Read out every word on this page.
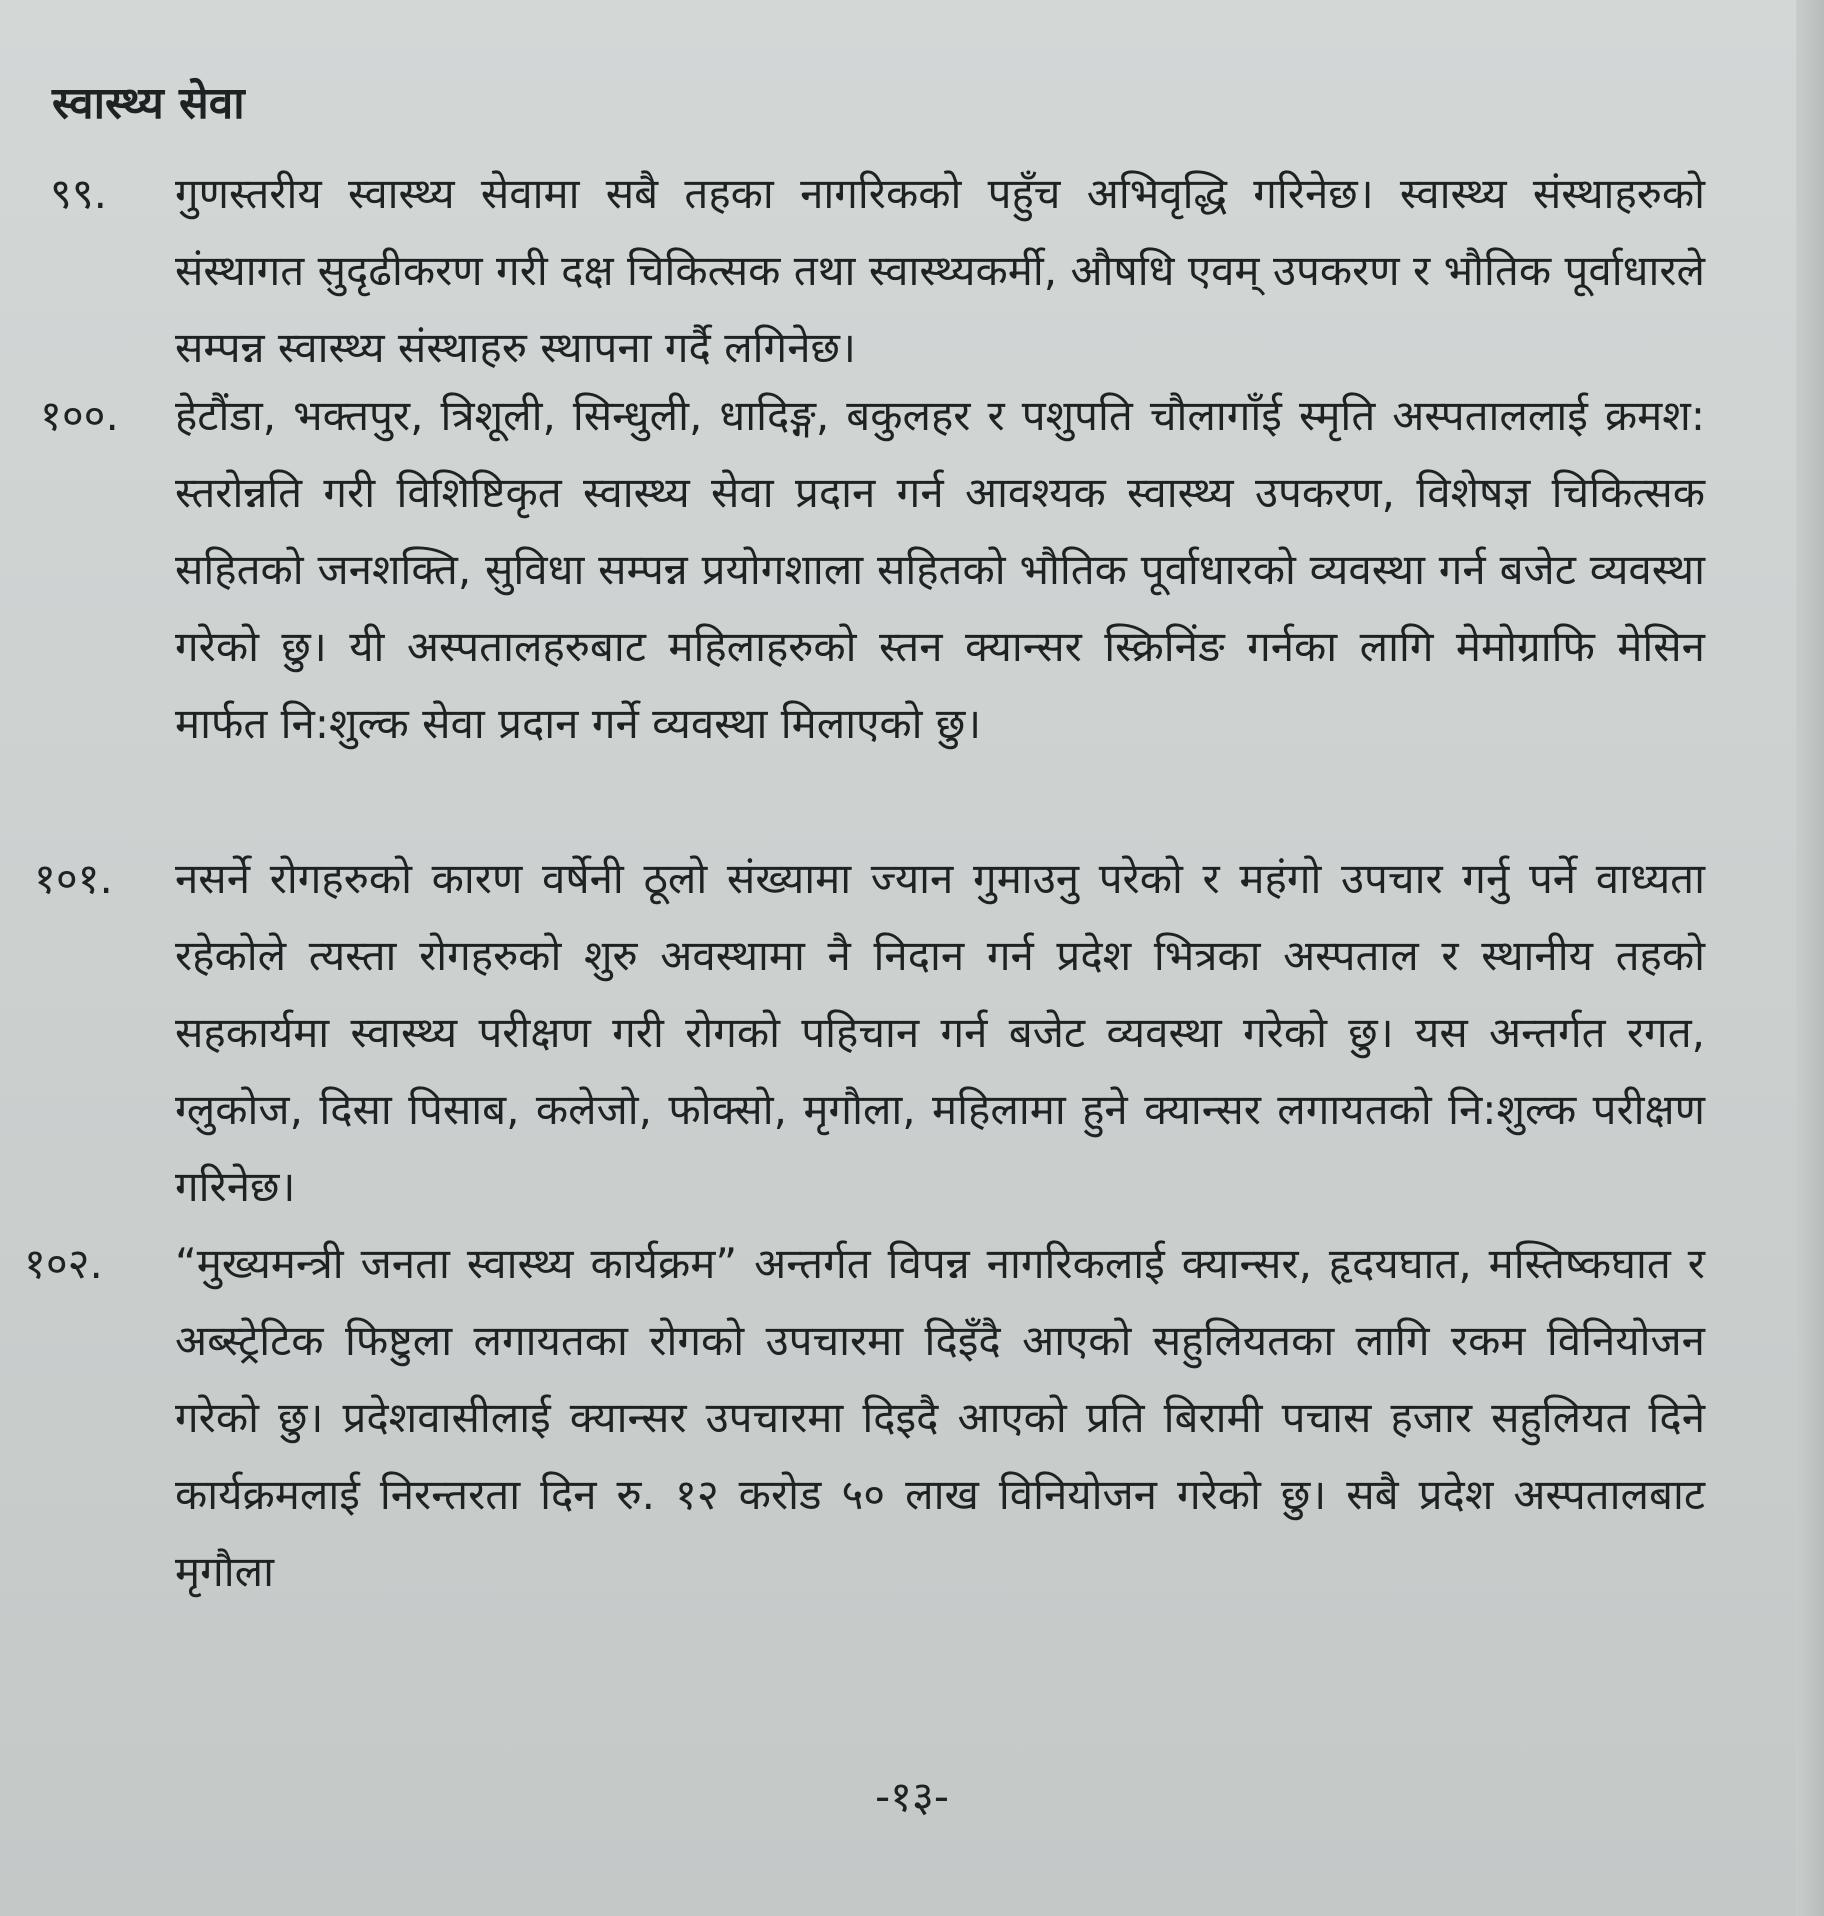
स्वास्थ्य सेवा
९९. गुणस्तरीय स्वास्थ्य सेवामा सबै तहका नागरिकको पहुँच अभिवृद्धि गरिनेछ। स्वास्थ्य संस्थाहरुको संस्थागत सुदृढीकरण गरी दक्ष चिकित्सक तथा स्वास्थ्यकर्मी, औषधि एवम् उपकरण र भौतिक पूर्वाधारले सम्पन्न स्वास्थ्य संस्थाहरु स्थापना गर्दै लगिनेछ।
१००. हेटौंडा, भक्तपुर, त्रिशूली, सिन्धुली, धादिङ्ग, बकुलहर र पशुपति चौलागाँई स्मृति अस्पताललाई क्रमश: स्तरोन्नति गरी विशिष्टिकृत स्वास्थ्य सेवा प्रदान गर्न आवश्यक स्वास्थ्य उपकरण, विशेषज्ञ चिकित्सक सहितको जनशक्ति, सुविधा सम्पन्न प्रयोगशाला सहितको भौतिक पूर्वाधारको व्यवस्था गर्न बजेट व्यवस्था गरेको छु। यी अस्पतालहरुबाट महिलाहरुको स्तन क्यान्सर स्क्रिनिंङ गर्नका लागि मेमोग्राफि मेसिन मार्फत नि:शुल्क सेवा प्रदान गर्ने व्यवस्था मिलाएको छु।
१०१. नसर्ने रोगहरुको कारण वर्षेनी ठूलो संख्यामा ज्यान गुमाउनु परेको र महंगो उपचार गर्नु पर्ने वाध्यता रहेकोले त्यस्ता रोगहरुको शुरु अवस्थामा नै निदान गर्न प्रदेश भित्रका अस्पताल र स्थानीय तहको सहकार्यमा स्वास्थ्य परीक्षण गरी रोगको पहिचान गर्न बजेट व्यवस्था गरेको छु। यस अन्तर्गत रगत, ग्लुकोज, दिसा पिसाब, कलेजो, फोक्सो, मृगौला, महिलामा हुने क्यान्सर लगायतको नि:शुल्क परीक्षण गरिनेछ।
१०२. “मुख्यमन्त्री जनता स्वास्थ्य कार्यक्रम” अन्तर्गत विपन्न नागरिकलाई क्यान्सर, हृदयघात, मस्तिष्कघात र अब्स्ट्रेटिक फिष्टुला लगायतका रोगको उपचारमा दिइँदै आएको सहुलियतका लागि रकम विनियोजन गरेको छु। प्रदेशवासीलाई क्यान्सर उपचारमा दिइदै आएको प्रति बिरामी पचास हजार सहुलियत दिने कार्यक्रमलाई निरन्तरता दिन रु. १२ करोड ५० लाख विनियोजन गरेको छु। सबै प्रदेश अस्पतालबाट मृगौला
-१३-
